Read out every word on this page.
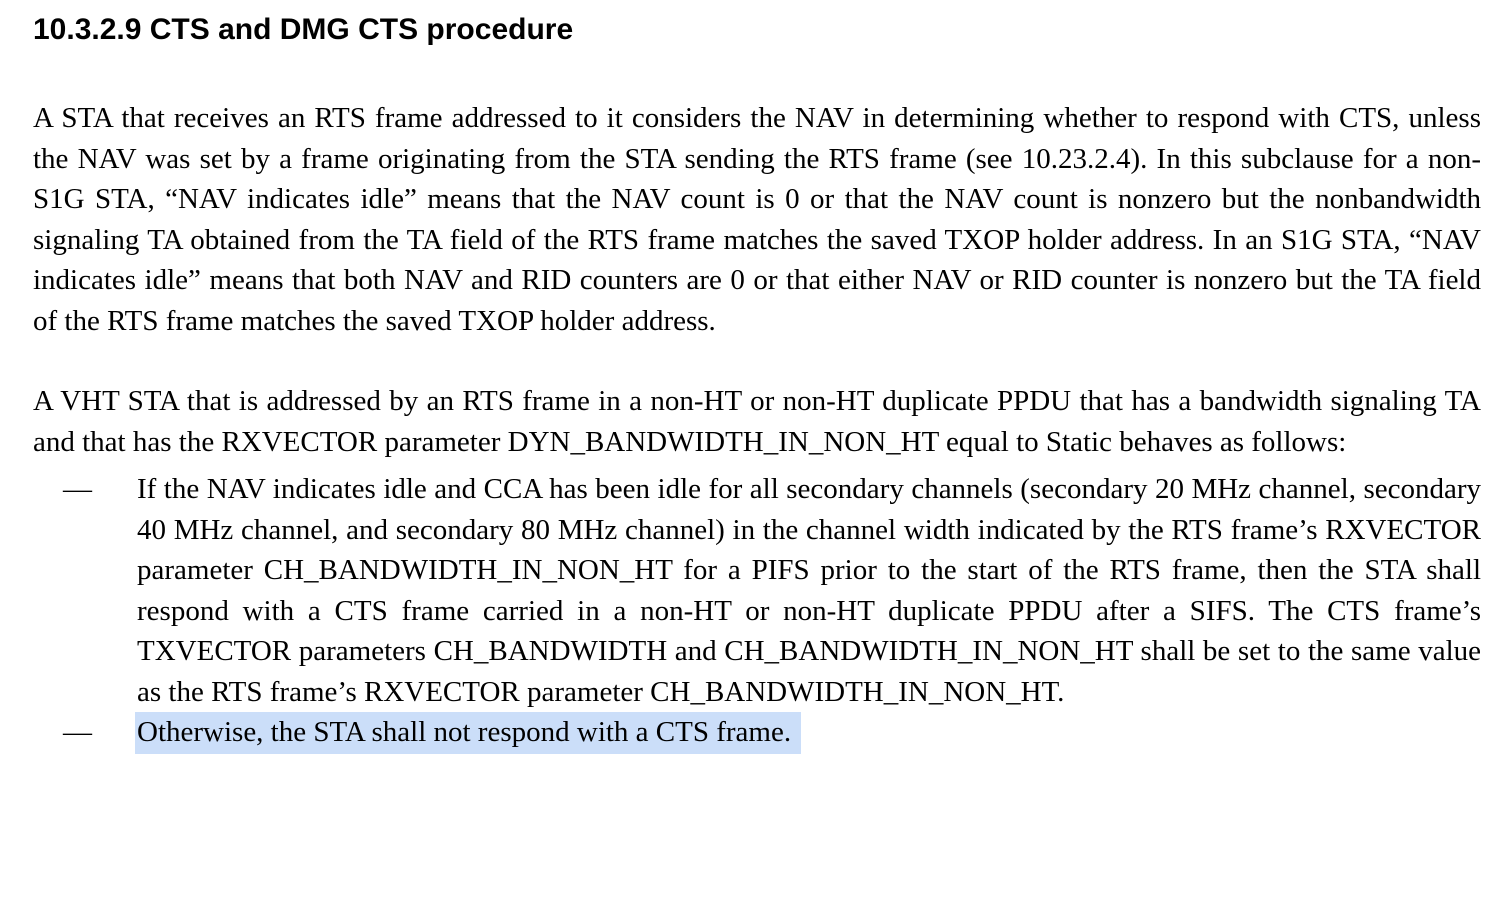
10.3.2.9 CTS and DMG CTS procedure

A STA that receives an RTS frame addressed to it considers the NAV in determining whether to respond with CTS, unless the NAV was set by a frame originating from the STA sending the RTS frame (see 10.23.2.4). In this subclause for a non-S1G STA, “NAV indicates idle” means that the NAV count is 0 or that the NAV count is nonzero but the nonbandwidth signaling TA obtained from the TA field of the RTS frame matches the saved TXOP holder address. In an S1G STA, “NAV indicates idle” means that both NAV and RID counters are 0 or that either NAV or RID counter is nonzero but the TA field of the RTS frame matches the saved TXOP holder address.

A VHT STA that is addressed by an RTS frame in a non-HT or non-HT duplicate PPDU that has a bandwidth signaling TA and that has the RXVECTOR parameter DYN_BANDWIDTH_IN_NON_HT equal to Static behaves as follows:

—	If the NAV indicates idle and CCA has been idle for all secondary channels (secondary 20 MHz channel, secondary 40 MHz channel, and secondary 80 MHz channel) in the channel width indicated by the RTS frame’s RXVECTOR parameter CH_BANDWIDTH_IN_NON_HT for a PIFS prior to the start of the RTS frame, then the STA shall respond with a CTS frame carried in a non-HT or non-HT duplicate PPDU after a SIFS. The CTS frame’s TXVECTOR parameters CH_BANDWIDTH and CH_BANDWIDTH_IN_NON_HT shall be set to the same value as the RTS frame’s RXVECTOR parameter CH_BANDWIDTH_IN_NON_HT.
—	Otherwise, the STA shall not respond with a CTS frame.
